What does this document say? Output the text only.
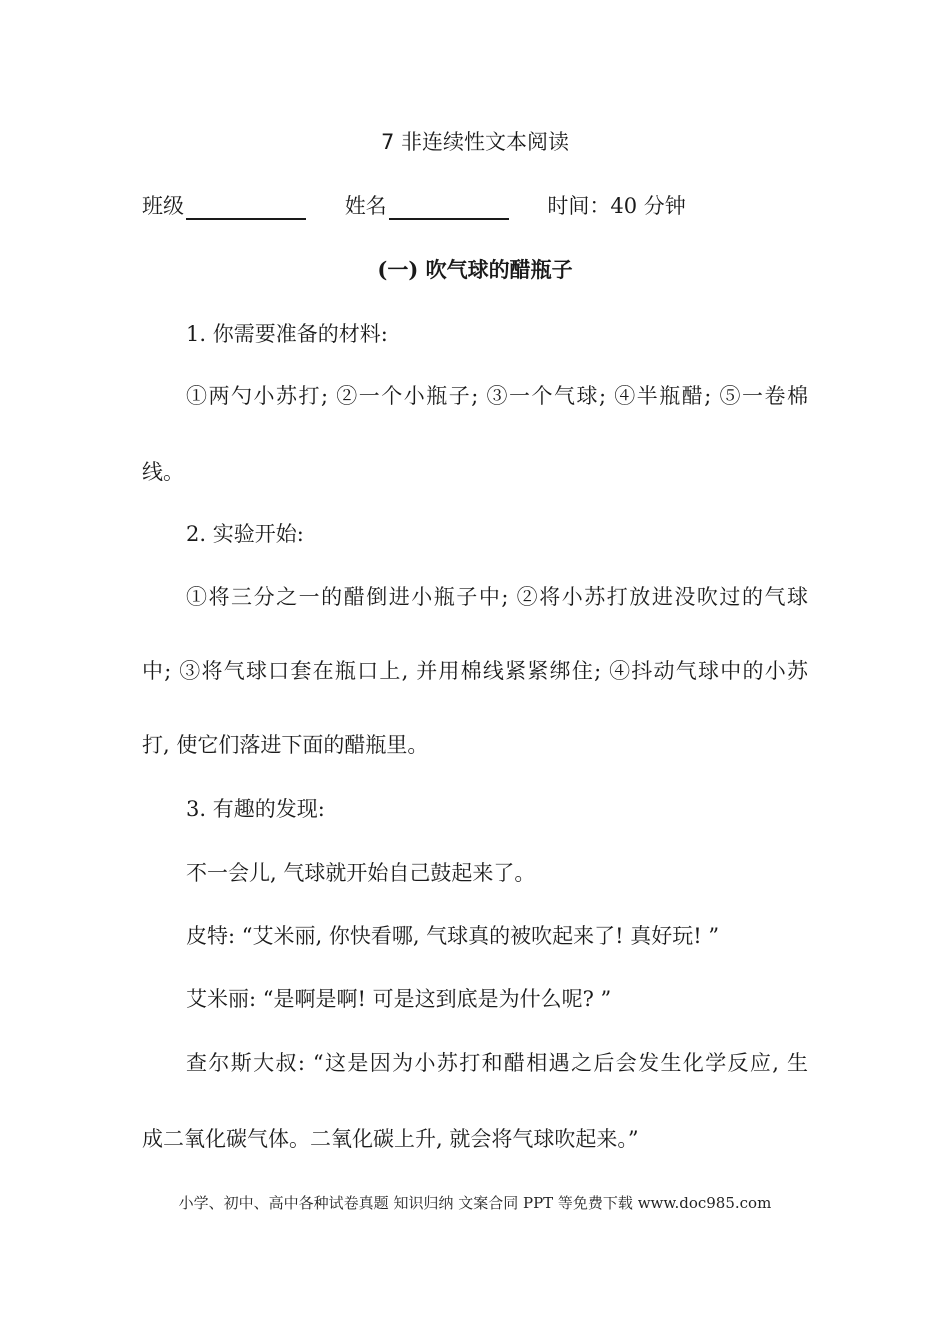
7 非连续性文本阅读
班级	姓名	时间：40 分钟
(一) 吹气球的醋瓶子
1. 你需要准备的材料:
①两勺小苏打; ②一个小瓶子; ③一个气球; ④半瓶醋; ⑤一卷棉
线。
2. 实验开始:
①将三分之一的醋倒进小瓶子中; ②将小苏打放进没吹过的气球
中; ③将气球口套在瓶口上, 并用棉线紧紧绑住; ④抖动气球中的小苏
打, 使它们落进下面的醋瓶里。
3. 有趣的发现:
不一会儿, 气球就开始自己鼓起来了。
皮特: “艾米丽, 你快看哪, 气球真的被吹起来了! 真好玩! ”
艾米丽: “是啊是啊! 可是这到底是为什么呢? ”
查尔斯大叔: “这是因为小苏打和醋相遇之后会发生化学反应, 生
成二氧化碳气体。二氧化碳上升, 就会将气球吹起来。”
小学、初中、高中各种试卷真题 知识归纳 文案合同 PPT 等免费下载 www.doc985.com
